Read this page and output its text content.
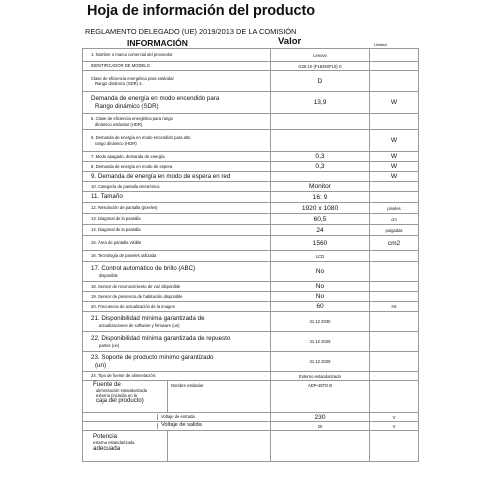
Hoja de información del producto
REGLAMENTO DELEGADO (UE) 2019/2013 DE LA COMISIÓN
INFORMACIÓN	Valor	Unidad
1. Nombre o marca comercial del proveedor	Lenovo	

IDENTIFICADOR DE MODELO	G25-10 (F18250FL0) S	

Clase de eficiencia energética para estándar
Rango dinámico (SDR) 4.	D	

Demanda de energía en modo encendido para
Rango dinámico (SDR)	13,9	W

5. Clase de eficiencia energética para rango
dinámico estándar (HDR)		

6. Demanda de energía en modo encendido para alto
rango dinámico (HDR)		W

7. Modo apagado, demanda de energía	0,3	W

8. Demanda de energía en modo de espera	0,3	W

9. Demanda de energía en modo de espera en red		W

10. Categoría de pantalla electrónica	Monitor	

11. Tamaño	16: 9	

12. Resolución de pantalla (píxeles)	1920 x 1080	píxeles

13. Diagonal de la pantalla	60,5	cm

14. Diagonal de la pantalla	24	pulgadas

15. Área de pantalla visible	1560	cm2

16. Tecnología de paneles utilizada	LCD	

17. Control automático de brillo (ABC)
disponible	No	

18. Sensor de reconocimiento de voz disponible	No	

19. Sensor de presencia de habitación disponible	No	

20. Frecuencia de actualización de la imagen	60	Hz

21. Disponibilidad mínima garantizada de
actualizaciones de software y firmware (un)	31 12 2030	

22. Disponibilidad mínima garantizada de repuesto
partes (un)	31 12 2029	

23. Soporte de producto mínimo garantizado
(un)	31 12 2029	

24. Tipo de fuente de alimentación:	Externo estandarizado	

Fuente de
alimentación estandarizada
externa (incluida en la
caja del producto)
Nombre estándar	ADP-45TD B	

Voltaje de entrada	230	V

Voltaje de salida	20	V

Potencia
externa estandarizada
adecuada		
